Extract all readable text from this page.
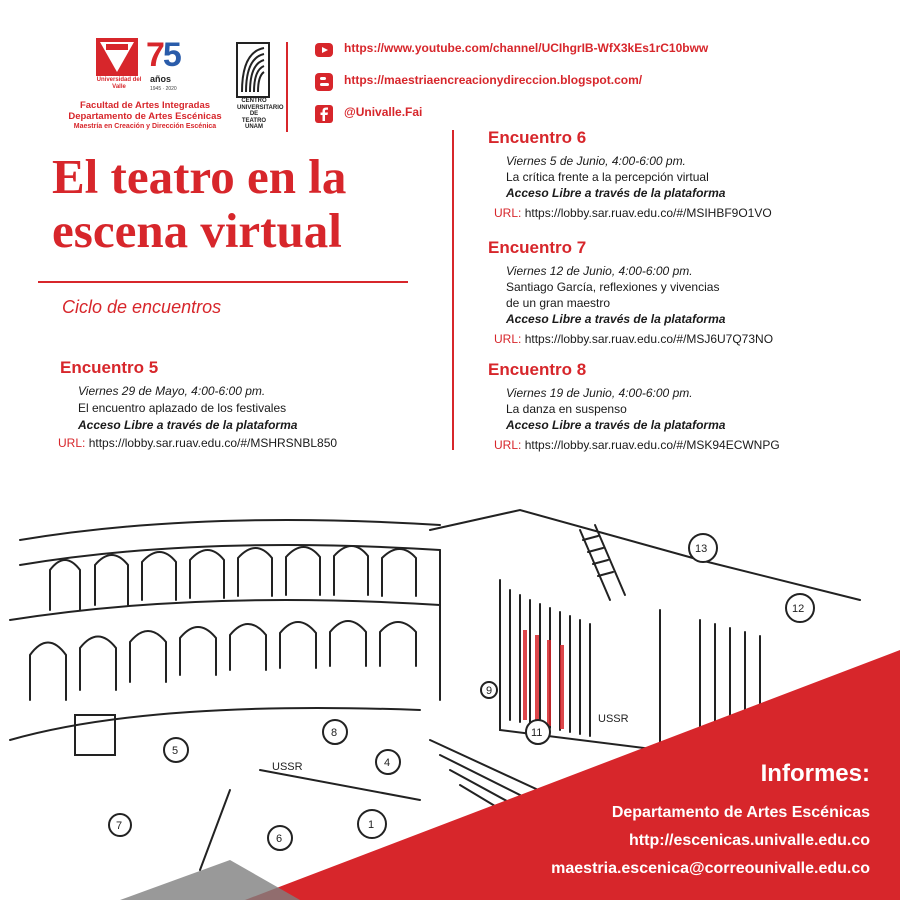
Universidad del Valle
75
años
1945 · 2020
Facultad de Artes Integradas
Departamento de Artes Escénicas
Maestría en Creación y Dirección Escénica
CENTRO UNIVERSITARIO DE TEATRO UNAM
https://www.youtube.com/channel/UCIhgrIB-WfX3kEs1rC10bww
https://maestriaencreacionydireccion.blogspot.com/
@Univalle.Fai
El teatro en la
escena virtual
Ciclo de encuentros
Encuentro 5
Viernes 29 de Mayo, 4:00-6:00 pm.
El encuentro aplazado de los festivales
Acceso Libre a través de la plataforma
URL: https://lobby.sar.ruav.edu.co/#/MSHRSNBL850
Encuentro 6
Viernes 5 de Junio, 4:00-6:00 pm.
La crítica frente a la percepción virtual
Acceso Libre a través de la plataforma
URL: https://lobby.sar.ruav.edu.co/#/MSIHBF9O1VO
Encuentro 7
Viernes 12 de Junio, 4:00-6:00 pm.
Santiago García, reflexiones y vivencias
de un gran maestro
Acceso Libre a través de la plataforma
URL: https://lobby.sar.ruav.edu.co/#/MSJ6U7Q73NO
Encuentro 8
Viernes 19 de Junio, 4:00-6:00 pm.
La danza en suspenso
Acceso Libre a través de la plataforma
URL: https://lobby.sar.ruav.edu.co/#/MSK94ECWNPG
1
4
5
6
7
8
9
11
12
13
USSR
USSR	Informes:
Departamento de Artes Escénicas
http://escenicas.univalle.edu.co
maestria.escenica@correounivalle.edu.co
